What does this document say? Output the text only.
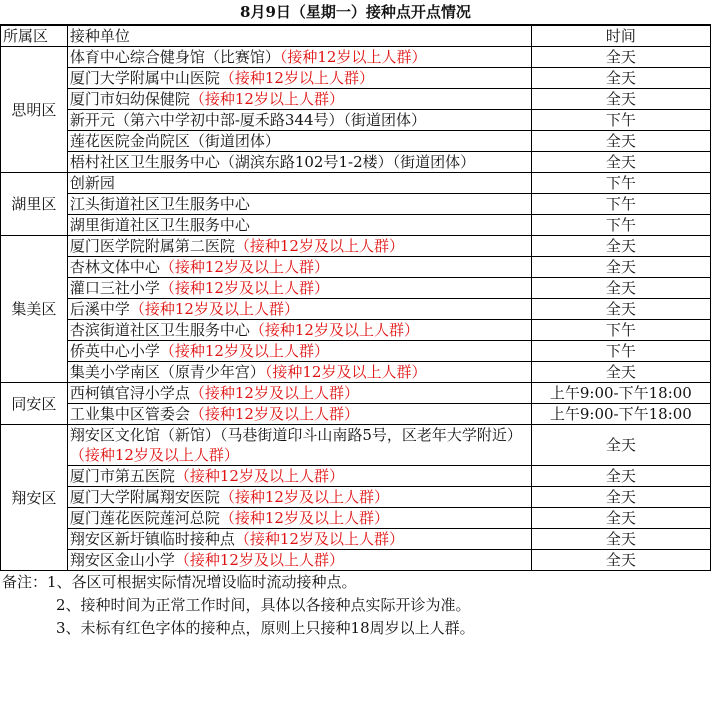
8月9日（星期一）接种点开点情况
所属区	接种单位	时间
思明区	体育中心综合健身馆（比赛馆）（接种12岁以上人群）	全天
	厦门大学附属中山医院（接种12岁以上人群）	全天
	厦门市妇幼保健院（接种12岁以上人群）	全天
	新开元（第六中学初中部-厦禾路344号）（街道团体）	下午
	莲花医院金尚院区（街道团体）	全天
	梧村社区卫生服务中心（湖滨东路102号1-2楼）（街道团体）	全天
湖里区	创新园	下午
	江头街道社区卫生服务中心	下午
	湖里街道社区卫生服务中心	下午
集美区	厦门医学院附属第二医院（接种12岁及以上人群）	全天
	杏林文体中心（接种12岁及以上人群）	全天
	灌口三社小学（接种12岁及以上人群）	全天
	后溪中学（接种12岁及以上人群）	全天
	杏滨街道社区卫生服务中心（接种12岁及以上人群）	下午
	侨英中心小学（接种12岁及以上人群）	下午
	集美小学南区（原青少年宫）（接种12岁及以上人群）	全天
同安区	西柯镇官浔小学点（接种12岁及以上人群）	上午9:00-下午18:00
	工业集中区管委会（接种12岁及以上人群）	上午9:00-下午18:00
翔安区	翔安区文化馆（新馆）（马巷街道印斗山南路5号，区老年大学附近）（接种12岁及以上人群）	全天
	厦门市第五医院（接种12岁及以上人群）	全天
	厦门大学附属翔安医院（接种12岁及以上人群）	全天
	厦门莲花医院莲河总院（接种12岁及以上人群）	全天
	翔安区新圩镇临时接种点（接种12岁及以上人群）	全天
	翔安区金山小学（接种12岁及以上人群）	全天
备注：1、各区可根据实际情况增设临时流动接种点。
2、接种时间为正常工作时间，具体以各接种点实际开诊为准。
3、未标有红色字体的接种点，原则上只接种18周岁以上人群。
